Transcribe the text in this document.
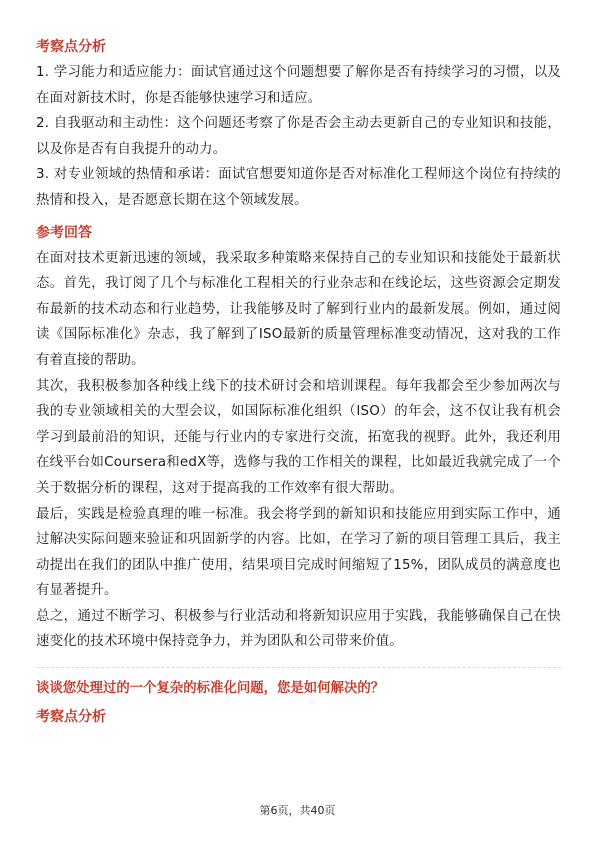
考察点分析

1. 学习能力和适应能力：面试官通过这个问题想要了解你是否有持续学习的习惯，以及在面对新技术时，你是否能够快速学习和适应。

2. 自我驱动和主动性：这个问题还考察了你是否会主动去更新自己的专业知识和技能，以及你是否有自我提升的动力。

3. 对专业领域的热情和承诺：面试官想要知道你是否对标准化工程师这个岗位有持续的热情和投入，是否愿意长期在这个领域发展。

参考回答

在面对技术更新迅速的领域，我采取多种策略来保持自己的专业知识和技能处于最新状态。首先，我订阅了几个与标准化工程相关的行业杂志和在线论坛，这些资源会定期发布最新的技术动态和行业趋势，让我能够及时了解到行业内的最新发展。例如，通过阅读《国际标准化》杂志，我了解到了ISO最新的质量管理标准变动情况，这对我的工作有着直接的帮助。

其次，我积极参加各种线上线下的技术研讨会和培训课程。每年我都会至少参加两次与我的专业领域相关的大型会议，如国际标准化组织（ISO）的年会，这不仅让我有机会学习到最前沿的知识，还能与行业内的专家进行交流，拓宽我的视野。此外，我还利用在线平台如Coursera和edX等，选修与我的工作相关的课程，比如最近我就完成了一个关于数据分析的课程，这对于提高我的工作效率有很大帮助。

最后，实践是检验真理的唯一标准。我会将学到的新知识和技能应用到实际工作中，通过解决实际问题来验证和巩固新学的内容。比如，在学习了新的项目管理工具后，我主动提出在我们的团队中推广使用，结果项目完成时间缩短了15%，团队成员的满意度也有显著提升。

总之，通过不断学习、积极参与行业活动和将新知识应用于实践，我能够确保自己在快速变化的技术环境中保持竞争力，并为团队和公司带来价值。

谈谈您处理过的一个复杂的标准化问题，您是如何解决的？
考察点分析
第6页，共40页
